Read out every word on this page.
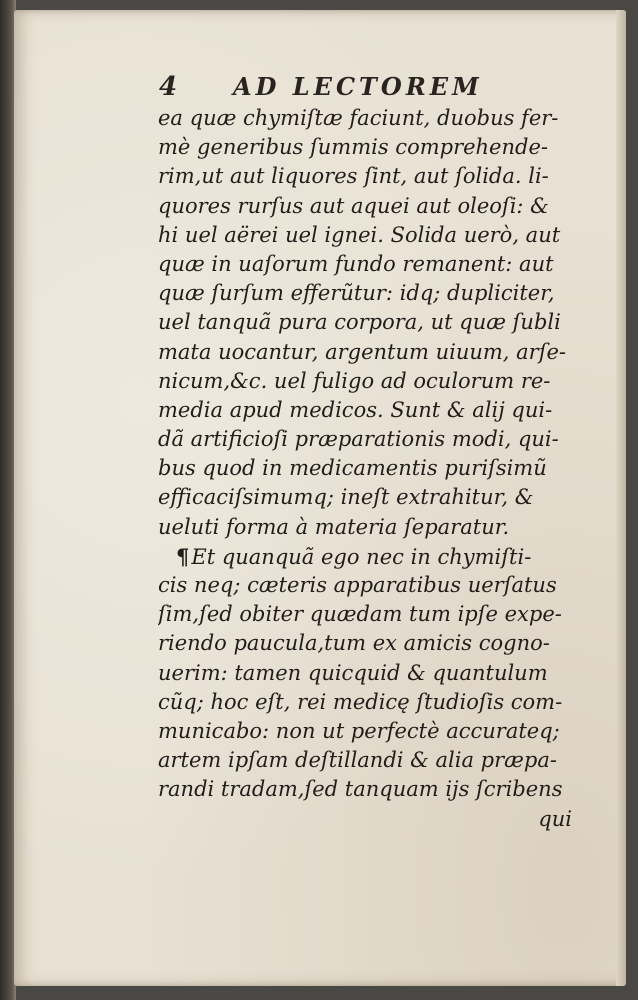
4 AD LECTOREM
ea quæ chymiſtæ faciunt, duobus fer-
mè generibus ſummis comprehende-
rim,ut aut liquores ſint, aut ſolida. li-
quores rurſus aut aquei aut oleoſi: &
hi uel aërei uel ignei. Solida uerò, aut
quæ in uaſorum fundo remanent: aut
quæ ſurſum efferũtur: idq; dupliciter,
uel tanquã pura corpora, ut quæ ſubli
mata uocantur, argentum uiuum, arſe-
nicum,&c. uel fuligo ad oculorum re-
media apud medicos. Sunt & alij qui-
dã artificioſi præparationis modi, qui-
bus quod in medicamentis puriſsimũ
efficaciſsimumq; ineſt extrahitur, &
ueluti forma à materia ſeparatur.
¶Et quanquã ego nec in chymiſti-
cis neq; cæteris apparatibus uerſatus
ſim,ſed obiter quædam tum ipſe expe-
riendo paucula,tum ex amicis cogno-
uerim: tamen quicquid & quantulum
cũq; hoc eſt, rei medicę ſtudioſis com-
municabo: non ut perfectè accurateq;
artem ipſam deſtillandi & alia præpa-
randi tradam,ſed tanquam ijs ſcribens
qui
